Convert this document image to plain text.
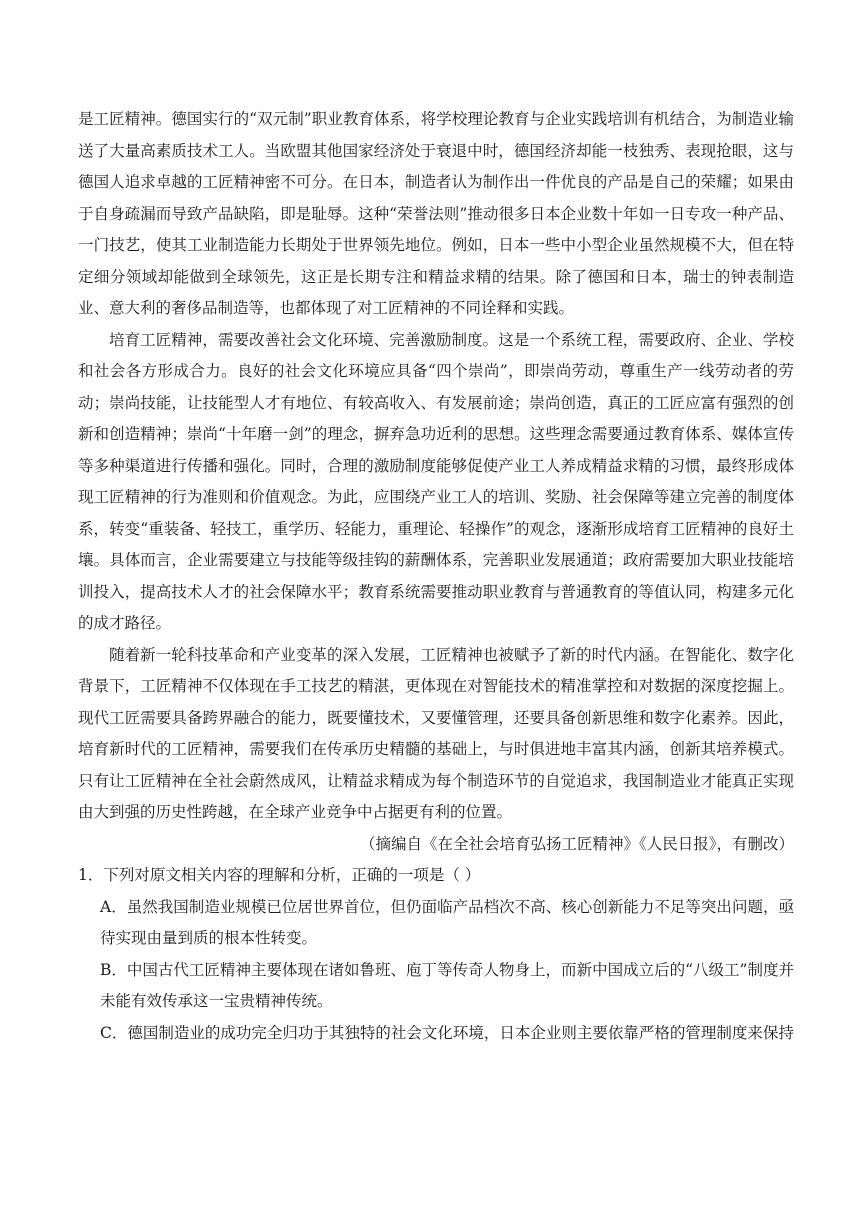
是工匠精神。德国实行的“双元制”职业教育体系，将学校理论教育与企业实践培训有机结合，为制造业输送了大量高素质技术工人。当欧盟其他国家经济处于衰退中时，德国经济却能一枝独秀、表现抢眼，这与德国人追求卓越的工匠精神密不可分。在日本，制造者认为制作出一件优良的产品是自己的荣耀；如果由于自身疏漏而导致产品缺陷，即是耻辱。这种“荣誉法则”推动很多日本企业数十年如一日专攻一种产品、一门技艺，使其工业制造能力长期处于世界领先地位。例如，日本一些中小型企业虽然规模不大，但在特定细分领域却能做到全球领先，这正是长期专注和精益求精的结果。除了德国和日本，瑞士的钟表制造业、意大利的奢侈品制造等，也都体现了对工匠精神的不同诠释和实践。

培育工匠精神，需要改善社会文化环境、完善激励制度。这是一个系统工程，需要政府、企业、学校和社会各方形成合力。良好的社会文化环境应具备“四个崇尚”，即崇尚劳动，尊重生产一线劳动者的劳动；崇尚技能，让技能型人才有地位、有较高收入、有发展前途；崇尚创造，真正的工匠应富有强烈的创新和创造精神；崇尚“十年磨一剑”的理念，摒弃急功近利的思想。这些理念需要通过教育体系、媒体宣传等多种渠道进行传播和强化。同时，合理的激励制度能够促使产业工人养成精益求精的习惯，最终形成体现工匠精神的行为准则和价值观念。为此，应围绕产业工人的培训、奖励、社会保障等建立完善的制度体系，转变“重装备、轻技工，重学历、轻能力，重理论、轻操作”的观念，逐渐形成培育工匠精神的良好土壤。具体而言，企业需要建立与技能等级挂钩的薪酬体系，完善职业发展通道；政府需要加大职业技能培训投入，提高技术人才的社会保障水平；教育系统需要推动职业教育与普通教育的等值认同，构建多元化的成才路径。

随着新一轮科技革命和产业变革的深入发展，工匠精神也被赋予了新的时代内涵。在智能化、数字化背景下，工匠精神不仅体现在手工技艺的精湛，更体现在对智能技术的精准掌控和对数据的深度挖掘上。现代工匠需要具备跨界融合的能力，既要懂技术，又要懂管理，还要具备创新思维和数字化素养。因此，培育新时代的工匠精神，需要我们在传承历史精髓的基础上，与时俱进地丰富其内涵，创新其培养模式。只有让工匠精神在全社会蔚然成风，让精益求精成为每个制造环节的自觉追求，我国制造业才能真正实现由大到强的历史性跨越，在全球产业竞争中占据更有利的位置。

（摘编自《在全社会培育弘扬工匠精神》《人民日报》，有删改）

1．下列对原文相关内容的理解和分析，正确的一项是（ ）

A．虽然我国制造业规模已位居世界首位，但仍面临产品档次不高、核心创新能力不足等突出问题，亟待实现由量到质的根本性转变。

B．中国古代工匠精神主要体现在诸如鲁班、庖丁等传奇人物身上，而新中国成立后的“八级工”制度并未能有效传承这一宝贵精神传统。

C．德国制造业的成功完全归功于其独特的社会文化环境，日本企业则主要依靠严格的管理制度来保持
